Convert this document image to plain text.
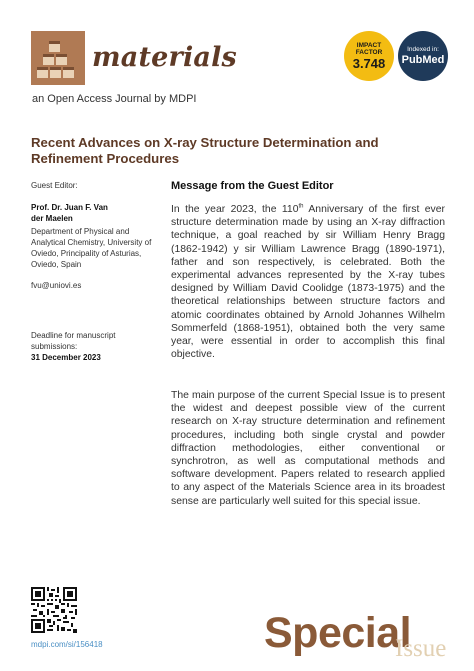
materials
an Open Access Journal by MDPI
IMPACT FACTOR
3.748
Indexed in:
PubMed
Recent Advances on X-ray Structure Determination and Refinement Procedures
Guest Editor:
Prof. Dr. Juan F. Van der Maelen
Department of Physical and Analytical Chemistry, University of Oviedo, Principality of Asturias, Oviedo, Spain
fvu@uniovi.es
Deadline for manuscript submissions:
31 December 2023
Message from the Guest Editor
In the year 2023, the 110th Anniversary of the first ever structure determination made by using an X-ray diffraction technique, a goal reached by sir William Henry Bragg (1862-1942) y sir William Lawrence Bragg (1890-1971), father and son respectively, is celebrated. Both the experimental advances represented by the X-ray tubes designed by William David Coolidge (1873-1975) and the theoretical relationships between structure factors and atomic coordinates obtained by Arnold Johannes Wilhelm Sommerfeld (1868-1951), obtained both the very same year, were essential in order to accomplish this final objective.
The main purpose of the current Special Issue is to present the widest and deepest possible view of the current research on X-ray structure determination and refinement procedures, including both single crystal and powder diffraction methodologies, either conventional or synchrotron, as well as computational methods and software development. Papers related to research applied to any aspect of the Materials Science area in its broadest sense are particularly well suited for this special issue.
mdpi.com/si/156418	Special
Issue
